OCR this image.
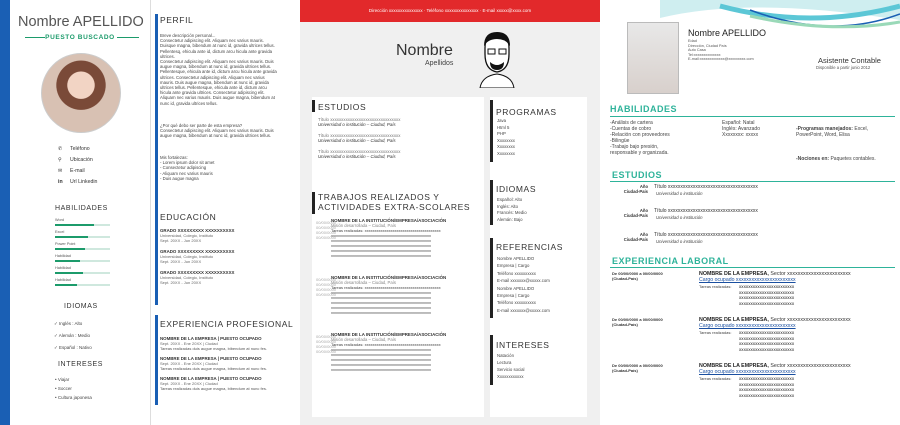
Nombre APELLIDO
PUESTO BUSCADO
✆	Teléfono
⚲	Ubicación
✉	E-mail
in	Url Linkedin
HABILIDADES
Word
Excel
Power Point
Habilidad
Habilidad
Habilidad
IDIOMAS
✓ Inglés : Alto
✓ Alemán : Medio
✓ Español : Nativo
INTERESES
• Viajar
• Soccer
• Cultura japonesa
PERFIL
Breve descripción personal...
Consectetur adipiscing elit. Aliquam nec varius mauris. Duisque magna, bibendum at nunc id, gravida ultrices tellus. Pellentesq, ehicula ante id, dictum arcu hicula ante gravida ultrices.
Consectetur adipiscing elit. Aliquam nec varius mauris. Duis augue magna, bibendum at nunc id, gravida ultrices tellus. Pellentesque, ehicula ante id, dictum arcu hicula ante gravida ultrices. Consectetur adipiscing elit. Aliquam nec varius mauris. Duis augue magna, bibendum at nunc id, gravida ultrices tellus. Pellentesque, ehicula ante id, dictum arcu hicula ante gravida ultrices. Consectetur adipiscing elit. Aliquam nec varius mauris. Duis augue magna, bibendum at nunc id, gravida ultrices tellus.
¿Por qué debo ser parte de esta empresa?
Consectetur adipiscing elit. Aliquam nec varius mauris. Duis augue magna, bibendum at nunc id, gravida ultrices tellus.
Mis fortalezas:
- Lorem ipsum dolor sit amet
- Consectetur adipiscing
- Aliquam nec varius mauris
- Duis augue magna
EDUCACIÓN
GRADO XXXXXXXXX XXXXXXXXXX
Universidad, Colegio, Instituto
Sept. 20XX - Jun 20XX
GRADO XXXXXXXXX XXXXXXXXXX
Universidad, Colegio, Instituto
Sept. 20XX - Jun 20XX
GRADO XXXXXXXXX XXXXXXXXXX
Universidad, Colegio, Instituto
Sept. 20XX - Jun 20XX
EXPERIENCIA PROFESIONAL
NOMBRE DE LA EMPRESA | PUESTO OCUPADO
Sept. 20XX - Ene 20XX | Ciudad
Tareas realizadas duis augue magna, bibendum at nunc fes.
NOMBRE DE LA EMPRESA | PUESTO OCUPADO
Sept. 20XX - Ene 20XX | Ciudad
Tareas realizadas duis augue magna, bibendum at nunc fes.
NOMBRE DE LA EMPRESA | PUESTO OCUPADO
Sept. 20XX - Ene 20XX | Ciudad
Tareas realizadas duis augue magna, bibendum at nunc fes.
Dirección xxxxxxxxxxxxxxx · Teléfono xxxxxxxxxxxxxxx · E-mail xxxxx@xxxx.com
Nombre
Apellidos
ESTUDIOS
Título xxxxxxxxxxxxxxxxxxxxxxxxxxxxxxxx
Universidad o institución – Ciudad, País
Título xxxxxxxxxxxxxxxxxxxxxxxxxxxxxxxx
Universidad o institución – Ciudad, País
Título xxxxxxxxxxxxxxxxxxxxxxxxxxxxxxxx
Universidad o institución – Ciudad, País
TRABAJOS REALIZADOS Y
ACTIVIDADES EXTRA-SCOLARES
00/00/0000
00/00/0000
00/00/0000
00/00/0000
NOMBRE DE LA INSTITUCIÓN/EMPRESA/ASOCIACIÓN
Misión desarrollada – Ciudad, País
Tareas realizadas: xxxxxxxxxxxxxxxxxxxxxxxxxxxxxxxxxxxxxx
xxxxxxxxxxxxxxxxxxxxxxxxxxxxxxxxxxxxxxxxxxxxxxxxxx
xxxxxxxxxxxxxxxxxxxxxxxxxxxxxxxxxxxxxxxxxxxxxxxxxx
xxxxxxxxxxxxxxxxxxxxxxxxxxxxxxxxxxxxxxxxxxxxxxxxxx
xxxxxxxxxxxxxxxxxxxxxxxxxxxxxxxxxxxxxxxxxxxxxxxxxx
xxxxxxxxxxxxxxxxxxxxxxxxxxxxxxxxxxxxxxxxxxxxxxxxxx
00/00/0000
00/00/0000
00/00/0000
00/00/0000
NOMBRE DE LA INSTITUCIÓN/EMPRESA/ASOCIACIÓN
Misión desarrollada – Ciudad, País
Tareas realizadas: xxxxxxxxxxxxxxxxxxxxxxxxxxxxxxxxxxxxxx
xxxxxxxxxxxxxxxxxxxxxxxxxxxxxxxxxxxxxxxxxxxxxxxxxx
xxxxxxxxxxxxxxxxxxxxxxxxxxxxxxxxxxxxxxxxxxxxxxxxxx
xxxxxxxxxxxxxxxxxxxxxxxxxxxxxxxxxxxxxxxxxxxxxxxxxx
xxxxxxxxxxxxxxxxxxxxxxxxxxxxxxxxxxxxxxxxxxxxxxxxxx
xxxxxxxxxxxxxxxxxxxxxxxxxxxxxxxxxxxxxxxxxxxxxxxxxx
00/00/0000
00/00/0000
00/00/0000
00/00/0000
NOMBRE DE LA INSTITUCIÓN/EMPRESA/ASOCIACIÓN
Misión desarrollada – Ciudad, País
Tareas realizadas: xxxxxxxxxxxxxxxxxxxxxxxxxxxxxxxxxxxxxx
xxxxxxxxxxxxxxxxxxxxxxxxxxxxxxxxxxxxxxxxxxxxxxxxxx
xxxxxxxxxxxxxxxxxxxxxxxxxxxxxxxxxxxxxxxxxxxxxxxxxx
xxxxxxxxxxxxxxxxxxxxxxxxxxxxxxxxxxxxxxxxxxxxxxxxxx
xxxxxxxxxxxxxxxxxxxxxxxxxxxxxxxxxxxxxxxxxxxxxxxxxx
xxxxxxxxxxxxxxxxxxxxxxxxxxxxxxxxxxxxxxxxxxxxxxxxxx
PROGRAMAS
Java
Html 5
PHP
Xxxxxxxx
Xxxxxxxx
Xxxxxxxx
IDIOMAS
Español: Alto
Inglés: Alto
Francés: Medio
Alemán: Bajo
REFERENCIAS
Nombre APELLIDO
Empresa | Cargo
Teléfono xxxxxxxxxx
E-mail xxxxxxx@xxxxx.com
Nombre APELLIDO
Empresa | Cargo
Teléfono xxxxxxxxxx
E-mail xxxxxxx@xxxxx.com
INTERESES
Natación
Lectura
Servicio social
Xxxxxxxxxxxx
Nombre APELLIDO
Edad
Dirección, Ciudad País
Auto Casa
Tel:xxxxxxxxxxxxxx
E-mail:xxxxxxxxxxxxx@xxxxxxxxx.com	Asistente Contable
Disponible a partir junio 2012
HABILIDADES
-Análisis de cartera
-Cuentas de cobro
-Relación con proveedores
-Bilingüe
-Trabajo bajo presión,
responsable y organizada.
Español: Natal
Inglés: Avanzado
Xxxxxxxx: xxxxx

-Programas manejados: Excel, PowerPoint, Word, Elisa

-Nociones en: Paquetes contables.

ESTUDIOS
Año
Ciudad-País
Título xxxxxxxxxxxxxxxxxxxxxxxxxxxxxxxxxxxx
Universidad o institución
Año
Ciudad-País
Título xxxxxxxxxxxxxxxxxxxxxxxxxxxxxxxxxxxx
Universidad o institución
Año
Ciudad-País
Título xxxxxxxxxxxxxxxxxxxxxxxxxxxxxxxxxxxx
Universidad o institución
EXPERIENCIA LABORAL
De 00/00/0000 a 00/00/0000
(Ciudad-País)
NOMBRE DE LA EMPRESA, Sector xxxxxxxxxxxxxxxxxxxxxxxx
Cargo ocupado xxxxxxxxxxxxxxxxxxxxxxx
Tareas realizadas: xxxxxxxxxxxxxxxxxxxxxxxx
xxxxxxxxxxxxxxxxxxxxxxxx
xxxxxxxxxxxxxxxxxxxxxxxx
xxxxxxxxxxxxxxxxxxxxxxxx
De 00/00/0000 a 00/00/0000
(Ciudad-País)
NOMBRE DE LA EMPRESA, Sector xxxxxxxxxxxxxxxxxxxxxxxx
Cargo ocupado xxxxxxxxxxxxxxxxxxxxxxx
Tareas realizadas: xxxxxxxxxxxxxxxxxxxxxxxx
xxxxxxxxxxxxxxxxxxxxxxxx
xxxxxxxxxxxxxxxxxxxxxxxx
xxxxxxxxxxxxxxxxxxxxxxxx
De 00/00/0000 a 00/00/0000
(Ciudad-País)
NOMBRE DE LA EMPRESA, Sector xxxxxxxxxxxxxxxxxxxxxxxx
Cargo ocupado xxxxxxxxxxxxxxxxxxxxxxx
Tareas realizadas: xxxxxxxxxxxxxxxxxxxxxxxx
xxxxxxxxxxxxxxxxxxxxxxxx
xxxxxxxxxxxxxxxxxxxxxxxx
xxxxxxxxxxxxxxxxxxxxxxxx
